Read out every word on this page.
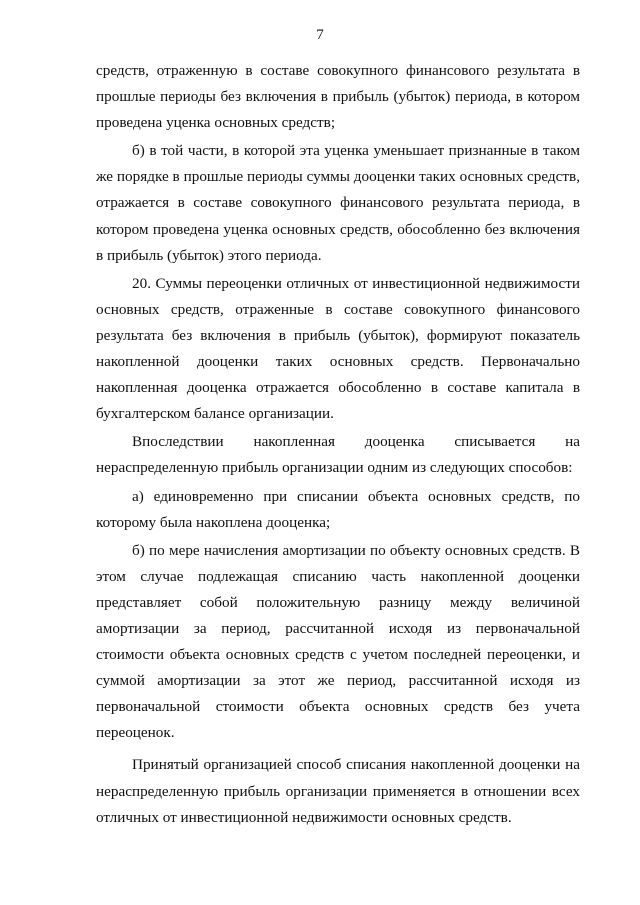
7

средств, отраженную в составе совокупного финансового результата в прошлые периоды без включения в прибыль (убыток) периода, в котором проведена уценка основных средств;

б) в той части, в которой эта уценка уменьшает признанные в таком же порядке в прошлые периоды суммы дооценки таких основных средств, отражается в составе совокупного финансового результата периода, в котором проведена уценка основных средств, обособленно без включения в прибыль (убыток) этого периода.

20. Суммы переоценки отличных от инвестиционной недвижимости основных средств, отраженные в составе совокупного финансового результата без включения в прибыль (убыток), формируют показатель накопленной дооценки таких основных средств. Первоначально накопленная дооценка отражается обособленно в составе капитала в бухгалтерском балансе организации.

Впоследствии накопленная дооценка списывается на нераспределенную прибыль организации одним из следующих способов:

а) единовременно при списании объекта основных средств, по которому была накоплена дооценка;

б) по мере начисления амортизации по объекту основных средств. В этом случае подлежащая списанию часть накопленной дооценки представляет собой положительную разницу между величиной амортизации за период, рассчитанной исходя из первоначальной стоимости объекта основных средств с учетом последней переоценки, и суммой амортизации за этот же период, рассчитанной исходя из первоначальной стоимости объекта основных средств без учета переоценок.

Принятый организацией способ списания накопленной дооценки на нераспределенную прибыль организации применяется в отношении всех отличных от инвестиционной недвижимости основных средств.
